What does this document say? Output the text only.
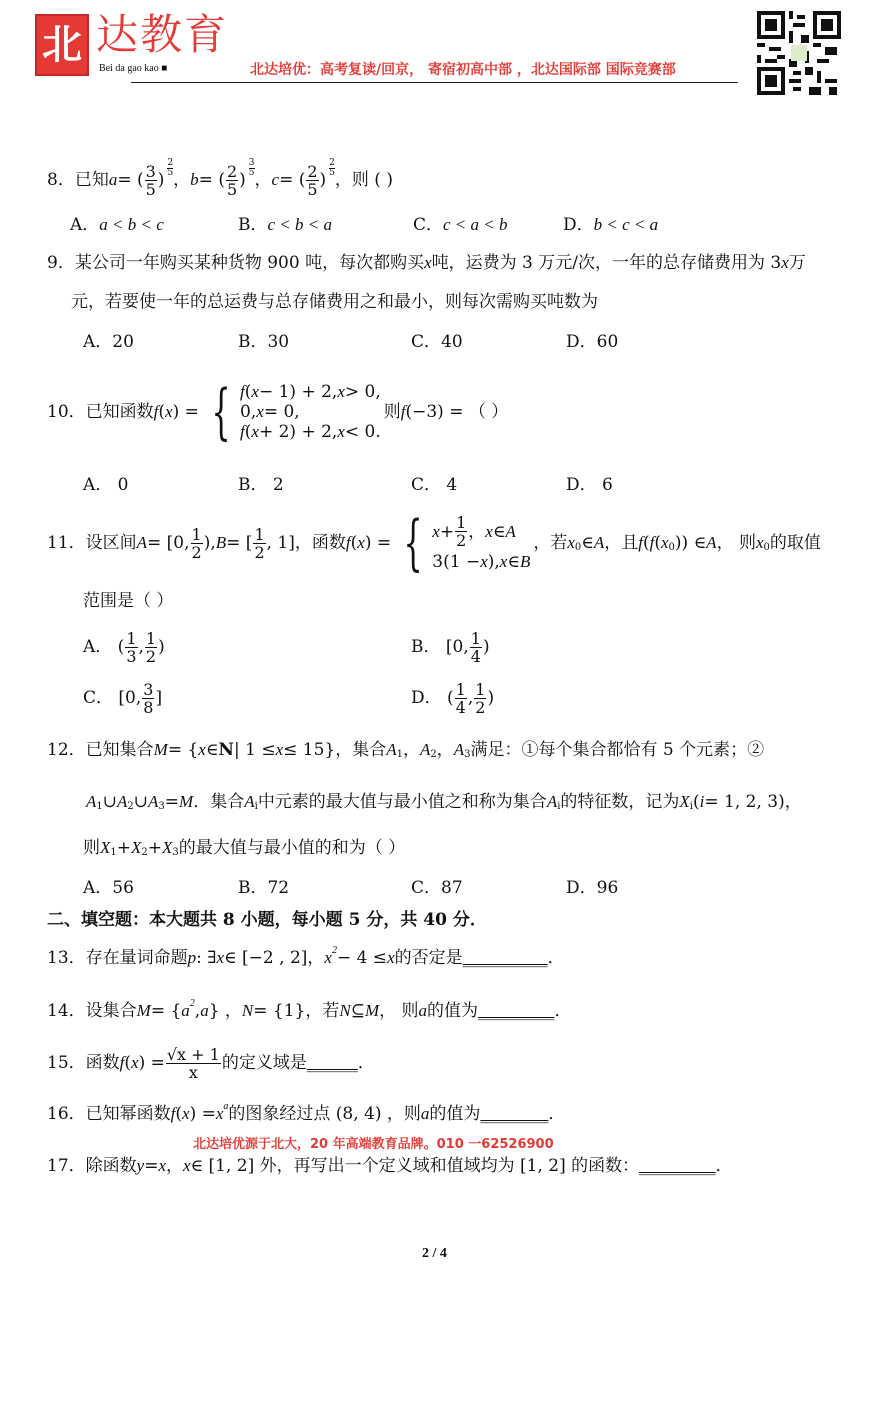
北 达教育
Bei da gao kao ■	北达培优：高考复读/回京， 寄宿初高中部 ，北达国际部 国际竞赛部
8．已知 a = ( $\frac{3}{5}$ )
$\frac{2}{5}$
， b = ( $\frac{2}{5}$ )
$\frac{3}{5}$
， c = ( $\frac{2}{5}$ )
$\frac{2}{5}$
，则 ( )
A． a < b < c	B． c < b < a	C． c < a < b	D． b < c < a
9．某公司一年购买某种货物 900 吨，每次都购买 x 吨，运费为 3 万元/次，一年的总存储费用为 3 x 万
元，若要使一年的总运费与总存储费用之和最小，则每次需购买吨数为
A．20	B．30	C．40	D．60
10．已知函数 f ( x ) = { f ( x − 1) + 2, x > 0,
0, x = 0,
f ( x + 2) + 2, x < 0.
则 f (−3) = （ ）
A． 0	B． 2	C． 4	D． 6
11．设区间 A = [0, $\frac{1}{2}$ ), B = [ $\frac{1}{2}$ , 1]，函数 f ( x ) = { $x + \frac{1}{2}$ ， x ∈ A
3(1 − x ), x ∈ B
，若 x 0 ∈ A ，且 f ( f ( x 0 )) ∈ A ， 则 x 0 的取值
范围是（ ）
A． ( $\frac{1}{3}$ , $\frac{1}{2}$ )	B． [0, $\frac{1}{4}$ )
C． [0, $\frac{3}{8}$ ]	D． ( $\frac{1}{4}$ , $\frac{1}{2}$ )
12．已知集合 M = { x ∈ N | 1 ≤ x ≤ 15}，集合 A 1 ， A 2 ， A 3 满足：①每个集合都恰有 5 个元素；②
A 1 ∪ A 2 ∪ A 3 = M ．集合 A i 中元素的最大值与最小值之和称为集合 A i 的特征数，记为 X i ( i = 1, 2, 3)，
则 X 1 + X 2 + X 3 的最大值与最小值的和为（ ）
A．56	B．72	C．87	D．96
二、填空题：本大题共 8 小题，每小题 5 分，共 40 分．
13．存在量词命题 p : ∃ x ∈ [−2 , 2]， x 2 − 4 ≤ x 的否定是 __________ ．
14．设集合 M = { a 2 , a } ， N = {1}，若 N ⊆ M ， 则 a 的值为 _________ ．
15．函数 f ( x ) = $\frac{√x + 1}{x}$ 的定义域是 ______ ．
16．已知幂函数 f ( x ) = x a 的图象经过点 (8, 4) ，则 a 的值为 ________ ．
北达培优源于北大，20 年高端教育品牌。010 一62526900
17．除函数 y = x ， x ∈ [1, 2] 外，再写出一个定义域和值域均为 [1, 2] 的函数： _________ ．
2 / 4
